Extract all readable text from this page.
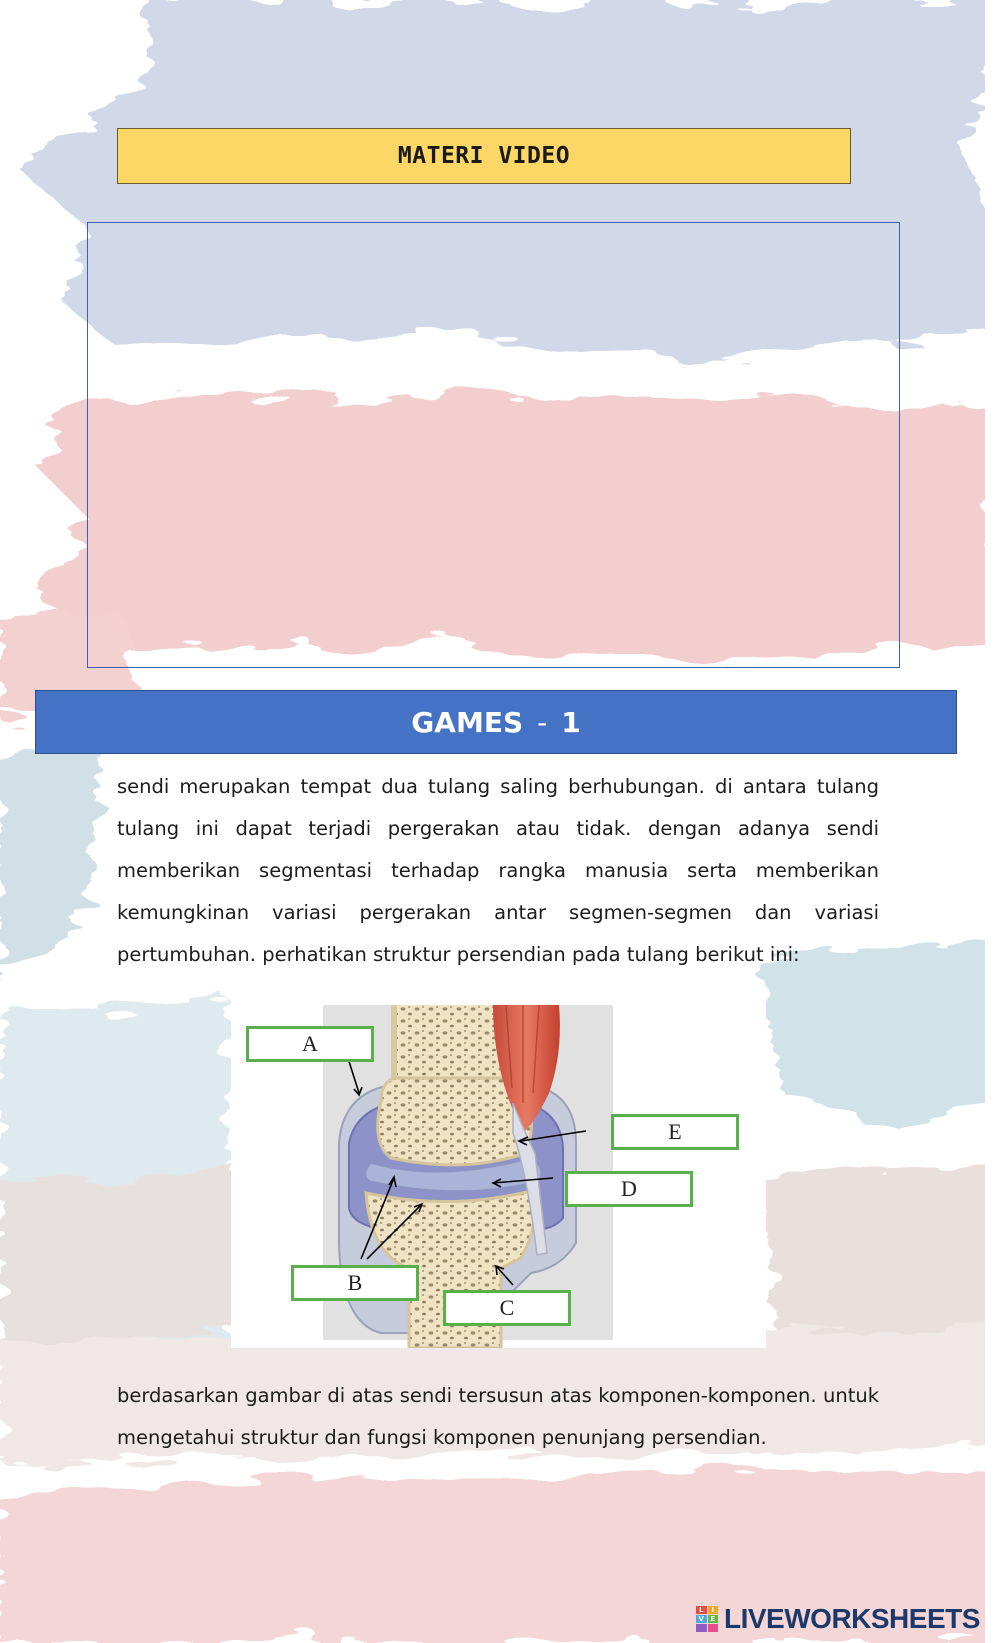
MATERI VIDEO
GAMES - 1
sendi merupakan tempat dua tulang saling berhubungan. di antara tulang tulang ini dapat terjadi pergerakan atau tidak. dengan adanya sendi memberikan segmentasi terhadap rangka manusia serta memberikan kemungkinan variasi pergerakan antar segmen-segmen dan variasi pertumbuhan. perhatikan struktur persendian pada tulang berikut ini:
A
E
D
B
C
berdasarkan gambar di atas sendi tersusun atas komponen-komponen. untuk mengetahui struktur dan fungsi komponen penunjang persendian.
L	I
V E LIVEWORKSHEETS
